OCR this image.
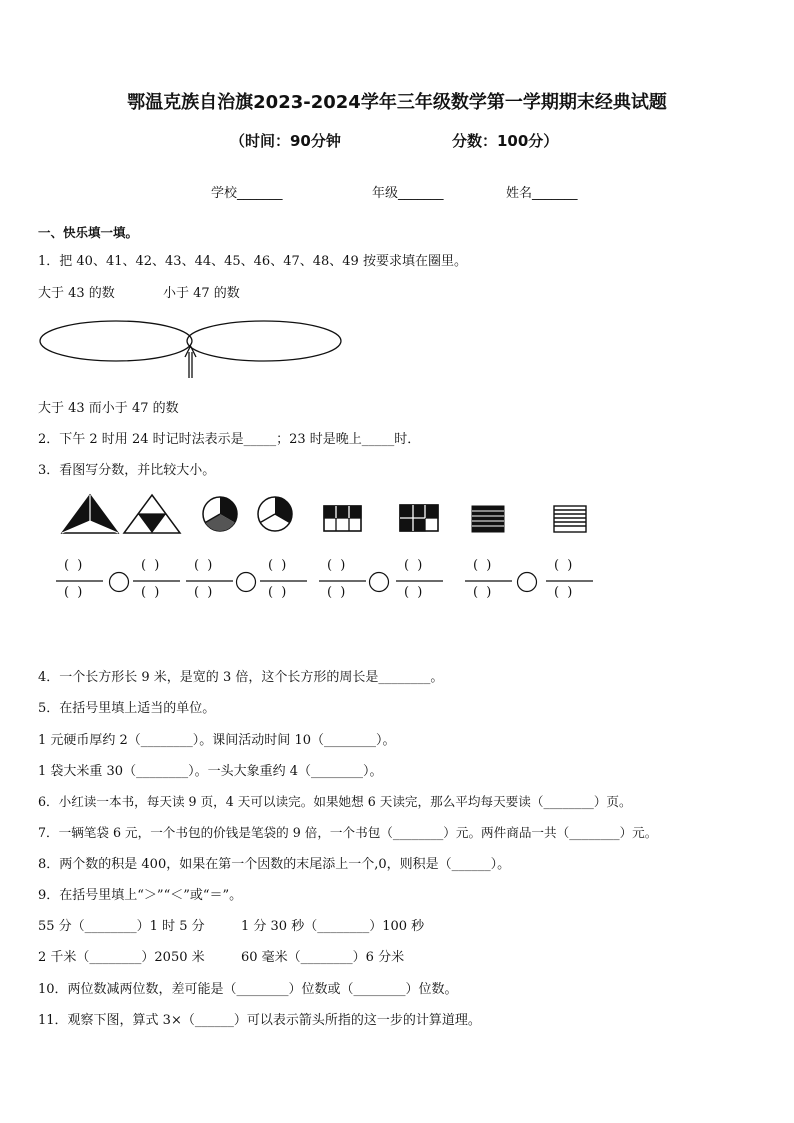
鄂温克族自治旗2023-2024学年三年级数学第一学期期末经典试题
（时间：90分钟	分数：100分）
学校_______	年级_______	姓名_______
一、快乐填一填。
1．把 40、41、42、43、44、45、46、47、48、49 按要求填在圈里。
大于 43 的数	小于 47 的数
大于 43 而小于 47 的数
2．下午 2 时用 24 时记时法表示是_____；23 时是晚上_____时．
3．看图写分数，并比较大小。
( )
( )
( )
( )
( )
( )
( )
( )
( )
( )
( )
( )
( )
( )
( )
( )
4．一个长方形长 9 米，是宽的 3 倍，这个长方形的周长是________。
5．在括号里填上适当的单位。
1 元硬币厚约 2（________）。课间活动时间 10（________）。
1 袋大米重 30（________）。一头大象重约 4（________）。
6．小红读一本书，每天读 9 页，4 天可以读完。如果她想 6 天读完，那么平均每天要读（________）页。
7．一辆笔袋 6 元，一个书包的价钱是笔袋的 9 倍，一个书包（________）元。两件商品一共（________）元。
8．两个数的积是 400，如果在第一个因数的末尾添上一个,0，则积是（______）。
9．在括号里填上“＞”“＜”或“＝”。
55 分（________）1 时 5 分	1 分 30 秒（________）100 秒
2 千米（________）2050 米	60 毫米（________）6 分米
10．两位数减两位数，差可能是（________）位数或（________）位数。
11．观察下图，算式 3×（______）可以表示箭头所指的这一步的计算道理。
